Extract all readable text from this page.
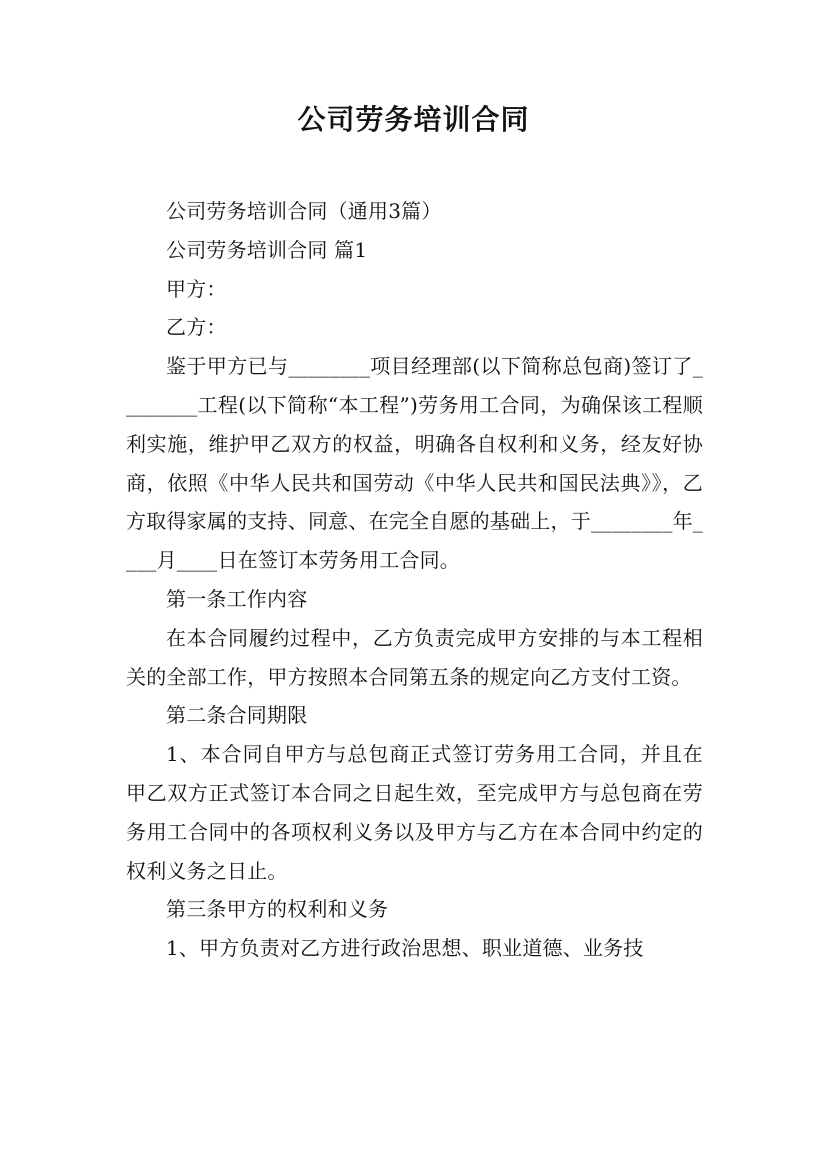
公司劳务培训合同

公司劳务培训合同（通用3篇）

公司劳务培训合同 篇1

甲方：

乙方：

鉴于甲方已与________项目经理部(以下简称总包商)签订了________工程(以下简称“本工程”)劳务用工合同，为确保该工程顺利实施，维护甲乙双方的权益，明确各自权利和义务，经友好协商，依照《中华人民共和国劳动《中华人民共和国民法典》》，乙方取得家属的支持、同意、在完全自愿的基础上，于________年____月____日在签订本劳务用工合同。

第一条工作内容

在本合同履约过程中，乙方负责完成甲方安排的与本工程相关的全部工作，甲方按照本合同第五条的规定向乙方支付工资。

第二条合同期限

1、本合同自甲方与总包商正式签订劳务用工合同，并且在甲乙双方正式签订本合同之日起生效，至完成甲方与总包商在劳务用工合同中的各项权利义务以及甲方与乙方在本合同中约定的权利义务之日止。

第三条甲方的权利和义务

1、甲方负责对乙方进行政治思想、职业道德、业务技
